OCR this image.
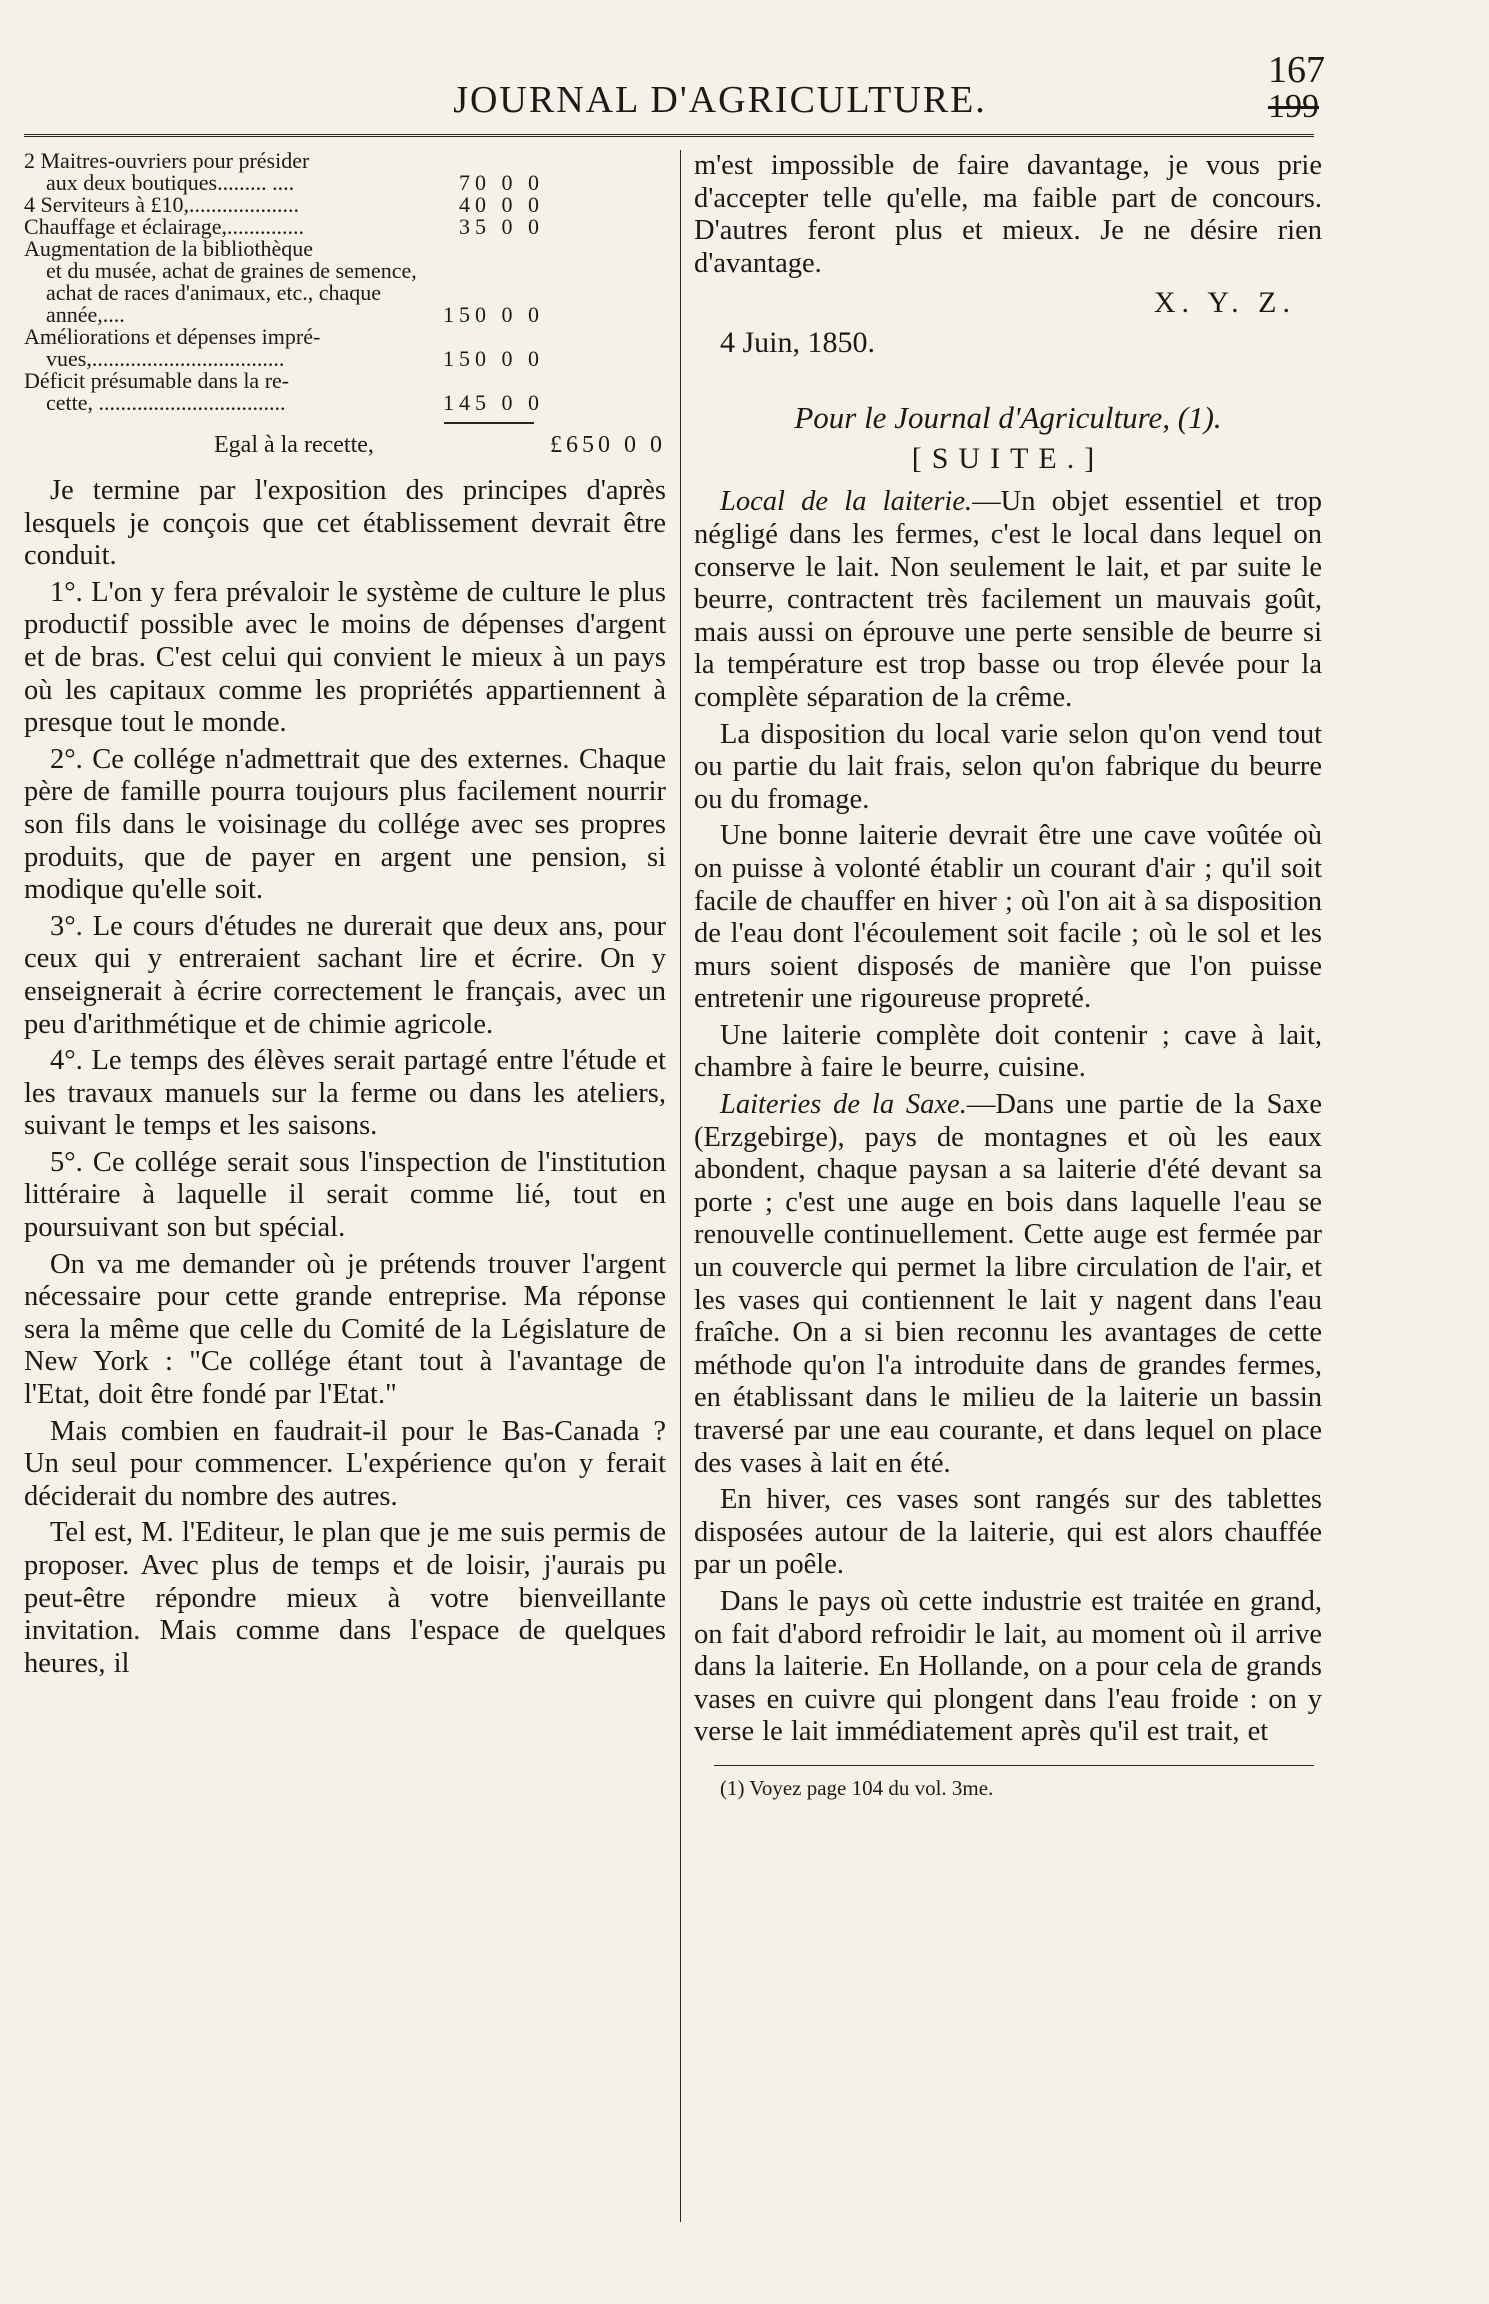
JOURNAL D'AGRICULTURE.
167
199
2 Maitres-ouvriers pour présider
aux deux boutiques......... ....	70 0 0
4 Serviteurs à £10,....................	40 0 0
Chauffage et éclairage,..............	35 0 0
Augmentation de la bibliothèque
et du musée, achat de graines de semence, achat de races d'animaux, etc., chaque année,....	150 0 0
Améliorations et dépenses impré-
vues,...................................	150 0 0
Déficit présumable dans la re-
cette, ..................................	145 0 0
Egal à la recette,	£650 0 0

Je termine par l'exposition des principes d'après lesquels je conçois que cet établissement devrait être conduit.

1°. L'on y fera prévaloir le système de culture le plus productif possible avec le moins de dépenses d'argent et de bras. C'est celui qui convient le mieux à un pays où les capitaux comme les propriétés appartiennent à presque tout le monde.

2°. Ce collége n'admettrait que des externes. Chaque père de famille pourra toujours plus facilement nourrir son fils dans le voisinage du collége avec ses propres produits, que de payer en argent une pension, si modique qu'elle soit.

3°. Le cours d'études ne durerait que deux ans, pour ceux qui y entreraient sachant lire et écrire. On y enseignerait à écrire correctement le français, avec un peu d'arithmétique et de chimie agricole.

4°. Le temps des élèves serait partagé entre l'étude et les travaux manuels sur la ferme ou dans les ateliers, suivant le temps et les saisons.

5°. Ce collége serait sous l'inspection de l'institution littéraire à laquelle il serait comme lié, tout en poursuivant son but spécial.

On va me demander où je prétends trouver l'argent nécessaire pour cette grande entreprise. Ma réponse sera la même que celle du Comité de la Législature de New York : "Ce collége étant tout à l'avantage de l'Etat, doit être fondé par l'Etat."

Mais combien en faudrait-il pour le Bas-Canada ? Un seul pour commencer. L'expérience qu'on y ferait déciderait du nombre des autres.

Tel est, M. l'Editeur, le plan que je me suis permis de proposer. Avec plus de temps et de loisir, j'aurais pu peut-être répondre mieux à votre bienveillante invitation. Mais comme dans l'espace de quelques heures, il

m'est impossible de faire davantage, je vous prie d'accepter telle qu'elle, ma faible part de concours. D'autres feront plus et mieux. Je ne désire rien d'avantage.

X. Y. Z.
4 Juin, 1850.
Pour le Journal d'Agriculture, (1).
[SUITE.]

Local de la laiterie.—Un objet essentiel et trop négligé dans les fermes, c'est le local dans lequel on conserve le lait. Non seulement le lait, et par suite le beurre, contractent très facilement un mauvais goût, mais aussi on éprouve une perte sensible de beurre si la température est trop basse ou trop élevée pour la complète séparation de la crême.

La disposition du local varie selon qu'on vend tout ou partie du lait frais, selon qu'on fabrique du beurre ou du fromage.

Une bonne laiterie devrait être une cave voûtée où on puisse à volonté établir un courant d'air ; qu'il soit facile de chauffer en hiver ; où l'on ait à sa disposition de l'eau dont l'écoulement soit facile ; où le sol et les murs soient disposés de manière que l'on puisse entretenir une rigoureuse propreté.

Une laiterie complète doit contenir ; cave à lait, chambre à faire le beurre, cuisine.

Laiteries de la Saxe.—Dans une partie de la Saxe (Erzgebirge), pays de montagnes et où les eaux abondent, chaque paysan a sa laiterie d'été devant sa porte ; c'est une auge en bois dans laquelle l'eau se renouvelle continuellement. Cette auge est fermée par un couvercle qui permet la libre circulation de l'air, et les vases qui contiennent le lait y nagent dans l'eau fraîche. On a si bien reconnu les avantages de cette méthode qu'on l'a introduite dans de grandes fermes, en établissant dans le milieu de la laiterie un bassin traversé par une eau courante, et dans lequel on place des vases à lait en été.

En hiver, ces vases sont rangés sur des tablettes disposées autour de la laiterie, qui est alors chauffée par un poêle.

Dans le pays où cette industrie est traitée en grand, on fait d'abord refroidir le lait, au moment où il arrive dans la laiterie. En Hollande, on a pour cela de grands vases en cuivre qui plongent dans l'eau froide : on y verse le lait immédiatement après qu'il est trait, et

(1) Voyez page 104 du vol. 3me.
